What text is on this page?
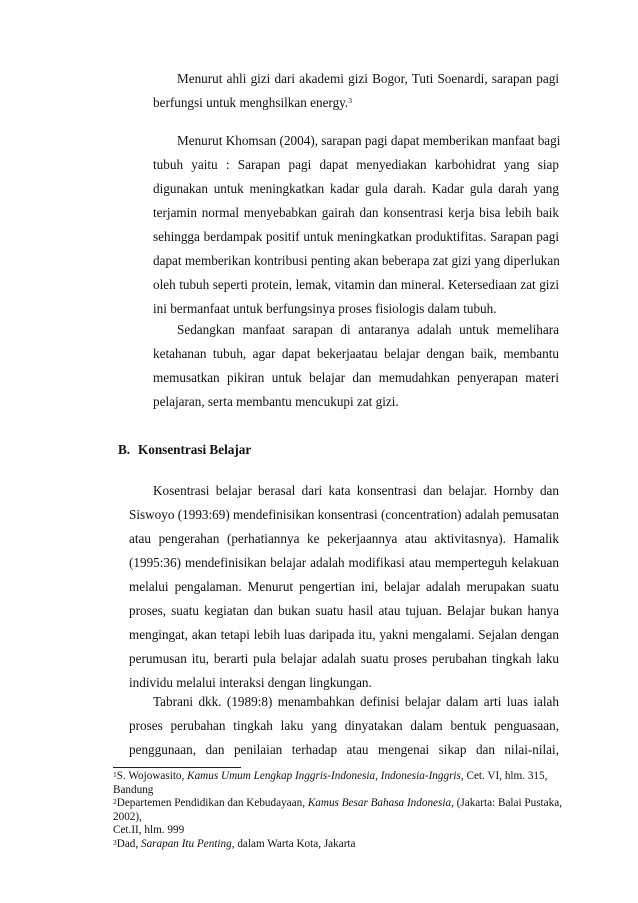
Menurut ahli gizi dari akademi gizi Bogor, Tuti Soenardi, sarapan pagi
berfungsi untuk menghsilkan energy.$^3$
Menurut Khomsan (2004), sarapan pagi dapat memberikan manfaat bagi
tubuh yaitu : Sarapan pagi dapat menyediakan karbohidrat yang siap
digunakan untuk meningkatkan kadar gula darah. Kadar gula darah yang
terjamin normal menyebabkan gairah dan konsentrasi kerja bisa lebih baik
sehingga berdampak positif untuk meningkatkan produktifitas. Sarapan pagi
dapat memberikan kontribusi penting akan beberapa zat gizi yang diperlukan
oleh tubuh seperti protein, lemak, vitamin dan mineral. Ketersediaan zat gizi
ini bermanfaat untuk berfungsinya proses fisiologis dalam tubuh.
Sedangkan manfaat sarapan di antaranya adalah untuk memelihara
ketahanan tubuh, agar dapat bekerjaatau belajar dengan baik, membantu
memusatkan pikiran untuk belajar dan memudahkan penyerapan materi
pelajaran, serta membantu mencukupi zat gizi.
B. Konsentrasi Belajar
Kosentrasi belajar berasal dari kata konsentrasi dan belajar. Hornby dan
Siswoyo (1993:69) mendefinisikan konsentrasi (concentration) adalah pemusatan
atau pengerahan (perhatiannya ke pekerjaannya atau aktivitasnya). Hamalik
(1995:36) mendefinisikan belajar adalah modifikasi atau memperteguh kelakuan
melalui pengalaman. Menurut pengertian ini, belajar adalah merupakan suatu
proses, suatu kegiatan dan bukan suatu hasil atau tujuan. Belajar bukan hanya
mengingat, akan tetapi lebih luas daripada itu, yakni mengalami. Sejalan dengan
perumusan itu, berarti pula belajar adalah suatu proses perubahan tingkah laku
individu melalui interaksi dengan lingkungan.
Tabrani dkk. (1989:8) menambahkan definisi belajar dalam arti luas ialah
proses perubahan tingkah laku yang dinyatakan dalam bentuk penguasaan,
penggunaan, dan penilaian terhadap atau mengenai sikap dan nilai-nilai,
$^1$S. Wojowasito, Kamus Umum Lengkap Inggris-Indonesia, Indonesia-Inggris, Cet. VI, hlm. 315, Bandung
$^2$Departemen Pendidikan dan Kebudayaan, Kamus Besar Bahasa Indonesia, (Jakarta: Balai Pustaka, 2002),
Cet.II, hlm. 999
$^3$Dad, Sarapan Itu Penting, dalam Warta Kota, Jakarta
